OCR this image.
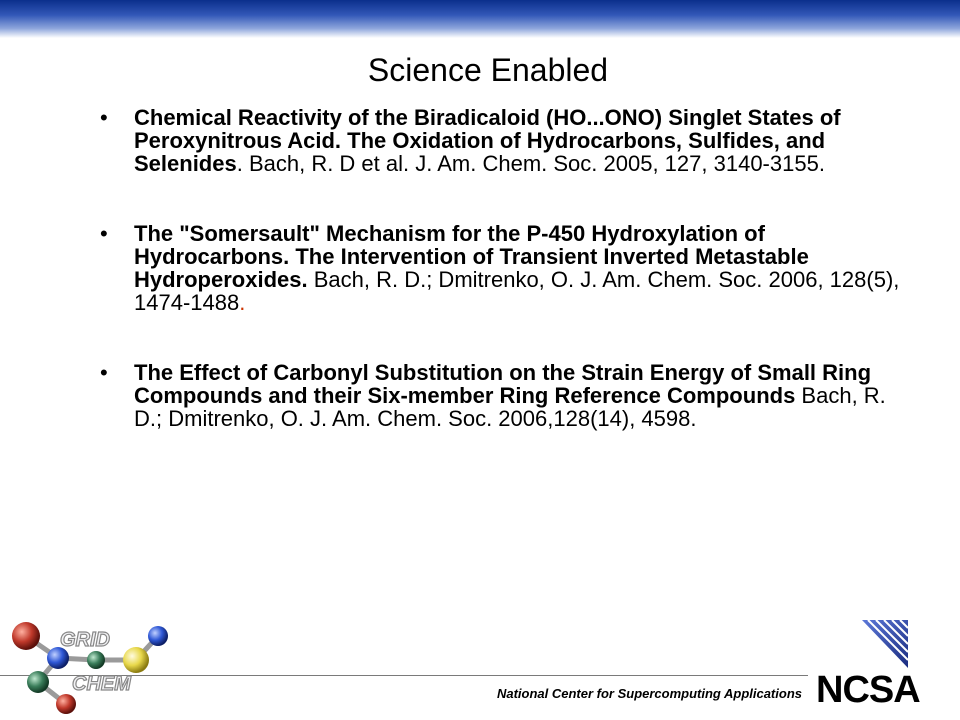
Science Enabled
• Chemical Reactivity of the Biradicaloid (HO...ONO) Singlet States of Peroxynitrous Acid. The Oxidation of Hydrocarbons, Sulfides, and Selenides. Bach, R. D et al. J. Am. Chem. Soc. 2005, 127, 3140-3155.
• The "Somersault" Mechanism for the P-450 Hydroxylation of Hydrocarbons. The Intervention of Transient Inverted Metastable Hydroperoxides. Bach, R. D.; Dmitrenko, O. J. Am. Chem. Soc. 2006, 128(5), 1474-1488.
• The Effect of Carbonyl Substitution on the Strain Energy of Small Ring Compounds and their Six-member Ring Reference Compounds Bach, R. D.; Dmitrenko, O. J. Am. Chem. Soc. 2006,128(14), 4598.
National Center for Supercomputing Applications
GRID
CHEM	NCSA
